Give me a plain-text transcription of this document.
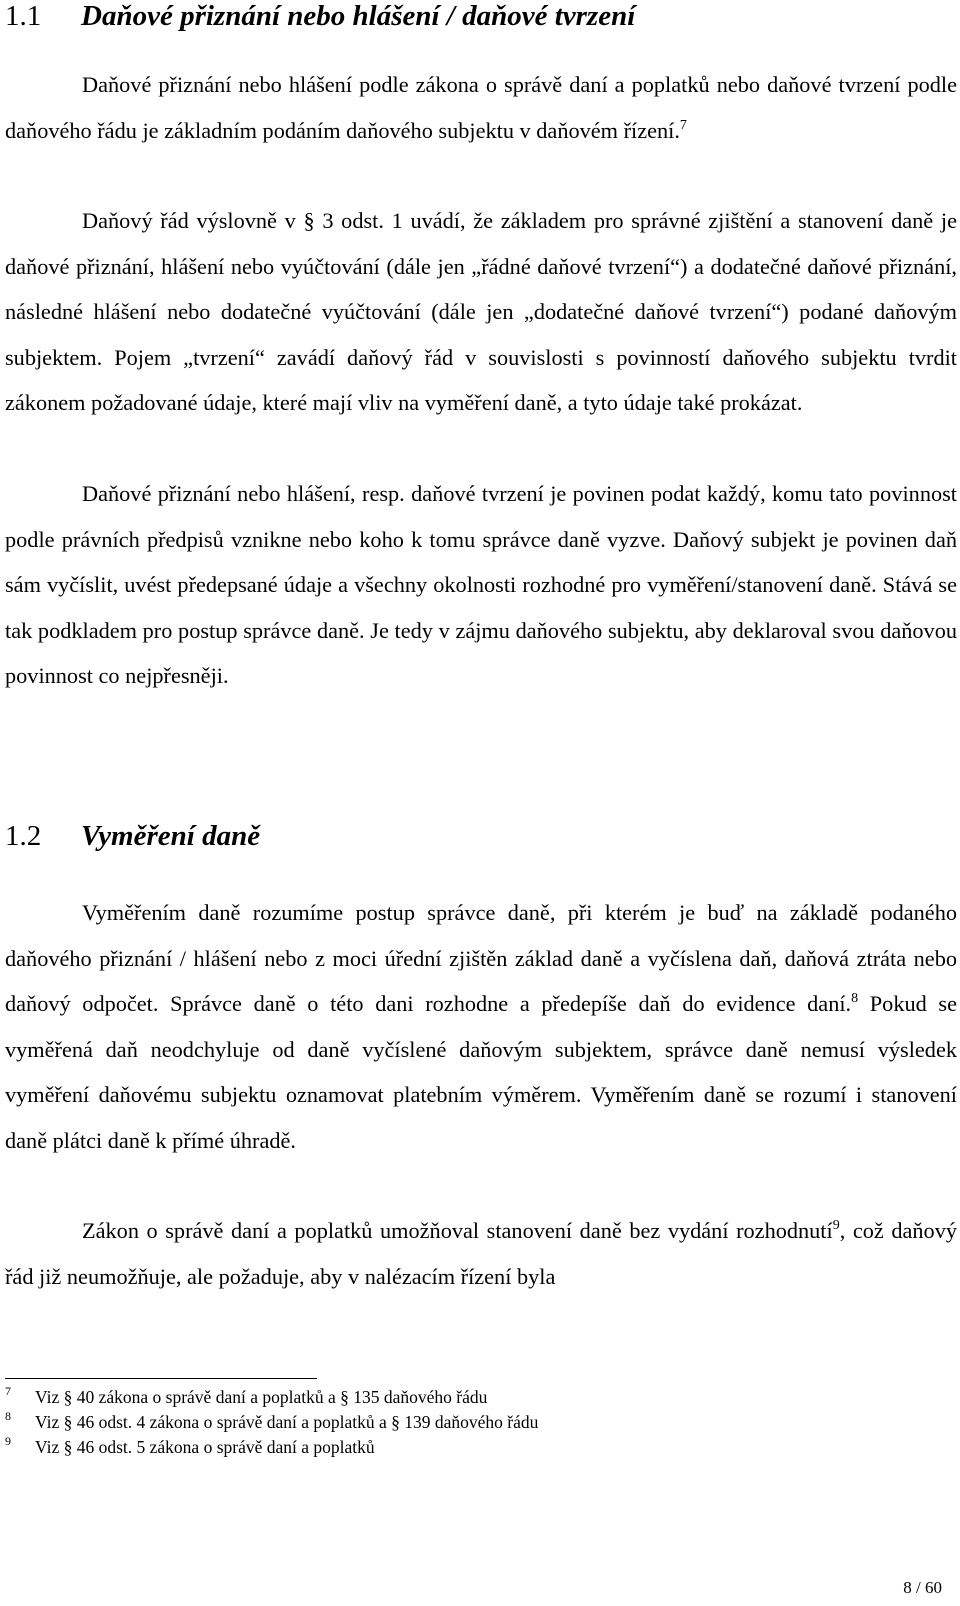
1.1 Daňové přiznání nebo hlášení / daňové tvrzení

Daňové přiznání nebo hlášení podle zákona o správě daní a poplatků nebo daňové tvrzení podle daňového řádu je základním podáním daňového subjektu v daňovém řízení.$^7$

Daňový řád výslovně v § 3 odst. 1 uvádí, že základem pro správné zjištění a stanovení daně je daňové přiznání, hlášení nebo vyúčtování (dále jen „řádné daňové tvrzení“) a dodatečné daňové přiznání, následné hlášení nebo dodatečné vyúčtování (dále jen „dodatečné daňové tvrzení“) podané daňovým subjektem. Pojem „tvrzení“ zavádí daňový řád v souvislosti s povinností daňového subjektu tvrdit zákonem požadované údaje, které mají vliv na vyměření daně, a tyto údaje také prokázat.

Daňové přiznání nebo hlášení, resp. daňové tvrzení je povinen podat každý, komu tato povinnost podle právních předpisů vznikne nebo koho k tomu správce daně vyzve. Daňový subjekt je povinen daň sám vyčíslit, uvést předepsané údaje a všechny okolnosti rozhodné pro vyměření/stanovení daně. Stává se tak podkladem pro postup správce daně. Je tedy v zájmu daňového subjektu, aby deklaroval svou daňovou povinnost co nejpřesněji.

1.2 Vyměření daně

Vyměřením daně rozumíme postup správce daně, při kterém je buď na základě podaného daňového přiznání / hlášení nebo z moci úřední zjištěn základ daně a vyčíslena daň, daňová ztráta nebo daňový odpočet. Správce daně o této dani rozhodne a předepíše daň do evidence daní.$^8$ Pokud se vyměřená daň neodchyluje od daně vyčíslené daňovým subjektem, správce daně nemusí výsledek vyměření daňovému subjektu oznamovat platebním výměrem. Vyměřením daně se rozumí i stanovení daně plátci daně k přímé úhradě.

Zákon o správě daní a poplatků umožňoval stanovení daně bez vydání rozhodnutí$^9$, což daňový řád již neumožňuje, ale požaduje, aby v nalézacím řízení byla

7	Viz § 40 zákona o správě daní a poplatků a § 135 daňového řádu
8	Viz § 46 odst. 4 zákona o správě daní a poplatků a § 139 daňového řádu
9	Viz § 46 odst. 5 zákona o správě daní a poplatků
8 / 60
